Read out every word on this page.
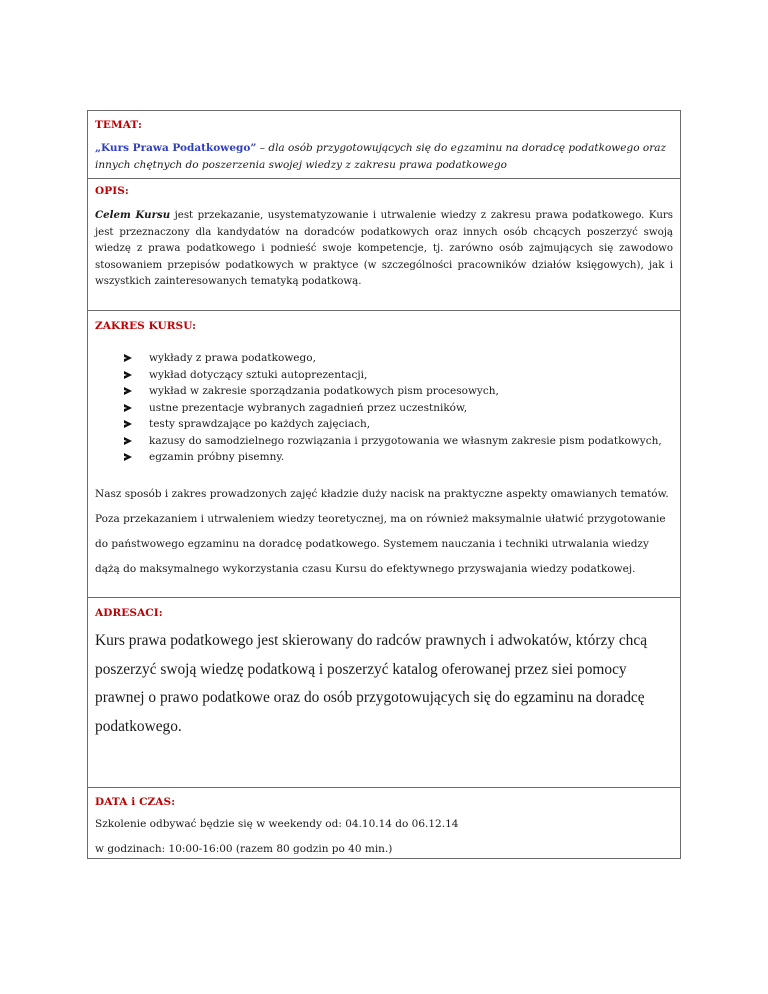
TEMAT:
„Kurs Prawa Podatkowego” – dla osób przygotowujących się do egzaminu na doradcę podatkowego oraz innych chętnych do poszerzenia swojej wiedzy z zakresu prawa podatkowego
OPIS:
Celem Kursu jest przekazanie, usystematyzowanie i utrwalenie wiedzy z zakresu prawa podatkowego. Kurs jest przeznaczony dla kandydatów na doradców podatkowych oraz innych osób chcących poszerzyć swoją wiedzę z prawa podatkowego i podnieść swoje kompetencje, tj. zarówno osób zajmujących się zawodowo stosowaniem przepisów podatkowych w praktyce (w szczególności pracowników działów księgowych), jak i wszystkich zainteresowanych tematyką podatkową.
ZAKRES KURSU:
wykłady z prawa podatkowego,
wykład dotyczący sztuki autoprezentacji,
wykład w zakresie sporządzania podatkowych pism procesowych,
ustne prezentacje wybranych zagadnień przez uczestników,
testy sprawdzające po każdych zajęciach,
kazusy do samodzielnego rozwiązania i przygotowania we własnym zakresie pism podatkowych,
egzamin próbny pisemny.
Nasz sposób i zakres prowadzonych zajęć kładzie duży nacisk na praktyczne aspekty omawianych tematów. Poza przekazaniem i utrwaleniem wiedzy teoretycznej, ma on również maksymalnie ułatwić przygotowanie do państwowego egzaminu na doradcę podatkowego. Systemem nauczania i techniki utrwalania wiedzy dążą do maksymalnego wykorzystania czasu Kursu do efektywnego przyswajania wiedzy podatkowej.
ADRESACI:
Kurs prawa podatkowego jest skierowany do radców prawnych i adwokatów, którzy chcą poszerzyć swoją wiedzę podatkową i poszerzyć katalog oferowanej przez siei pomocy prawnej o prawo podatkowe oraz do osób przygotowujących się do egzaminu na doradcę podatkowego.
DATA i CZAS:
Szkolenie odbywać będzie się w weekendy od: 04.10.14 do 06.12.14
w godzinach: 10:00-16:00 (razem 80 godzin po 40 min.)
